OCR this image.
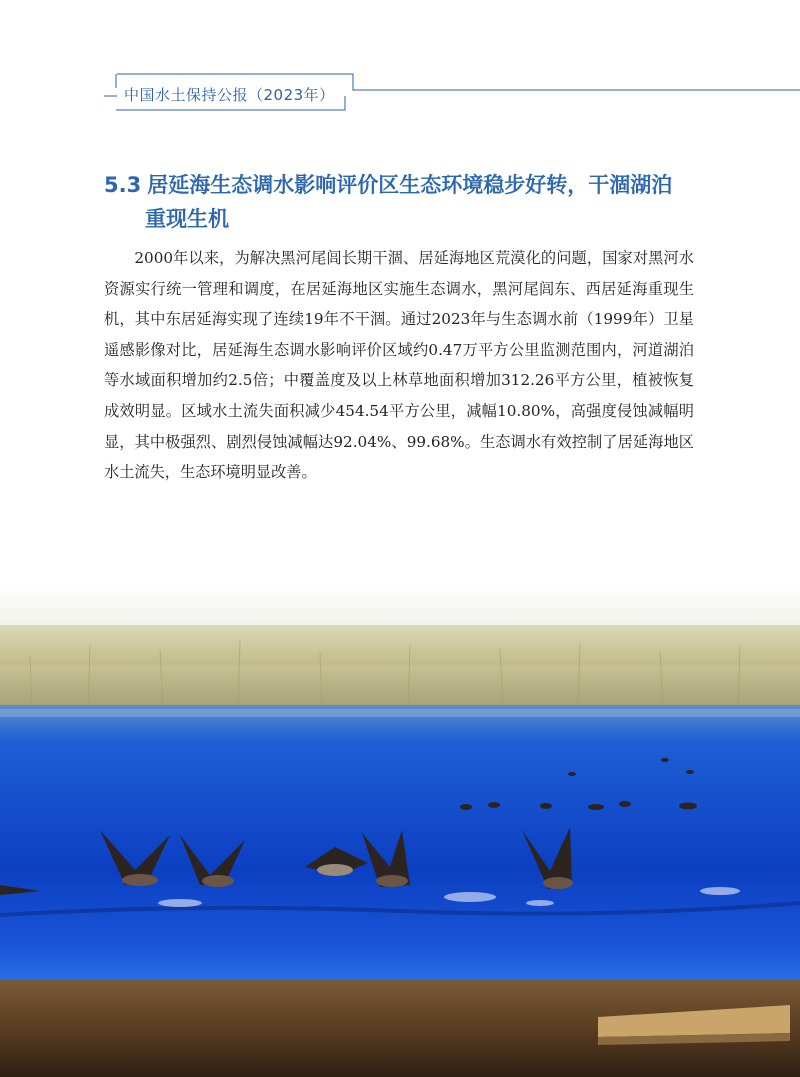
中国水土保持公报（2023年）
5.3 居延海生态调水影响评价区生态环境稳步好转，干涸湖泊
重现生机

2000年以来，为解决黑河尾闾长期干涸、居延海地区荒漠化的问题，国家对黑河水资源实行统一管理和调度，在居延海地区实施生态调水，黑河尾闾东、西居延海重现生机，其中东居延海实现了连续19年不干涸。通过2023年与生态调水前（1999年）卫星遥感影像对比，居延海生态调水影响评价区域约0.47万平方公里监测范围内，河道湖泊等水域面积增加约2.5倍；中覆盖度及以上林草地面积增加312.26平方公里，植被恢复成效明显。区域水土流失面积减少454.54平方公里，减幅10.80%，高强度侵蚀减幅明显，其中极强烈、剧烈侵蚀减幅达92.04%、99.68%。生态调水有效控制了居延海地区水土流失，生态环境明显改善。
